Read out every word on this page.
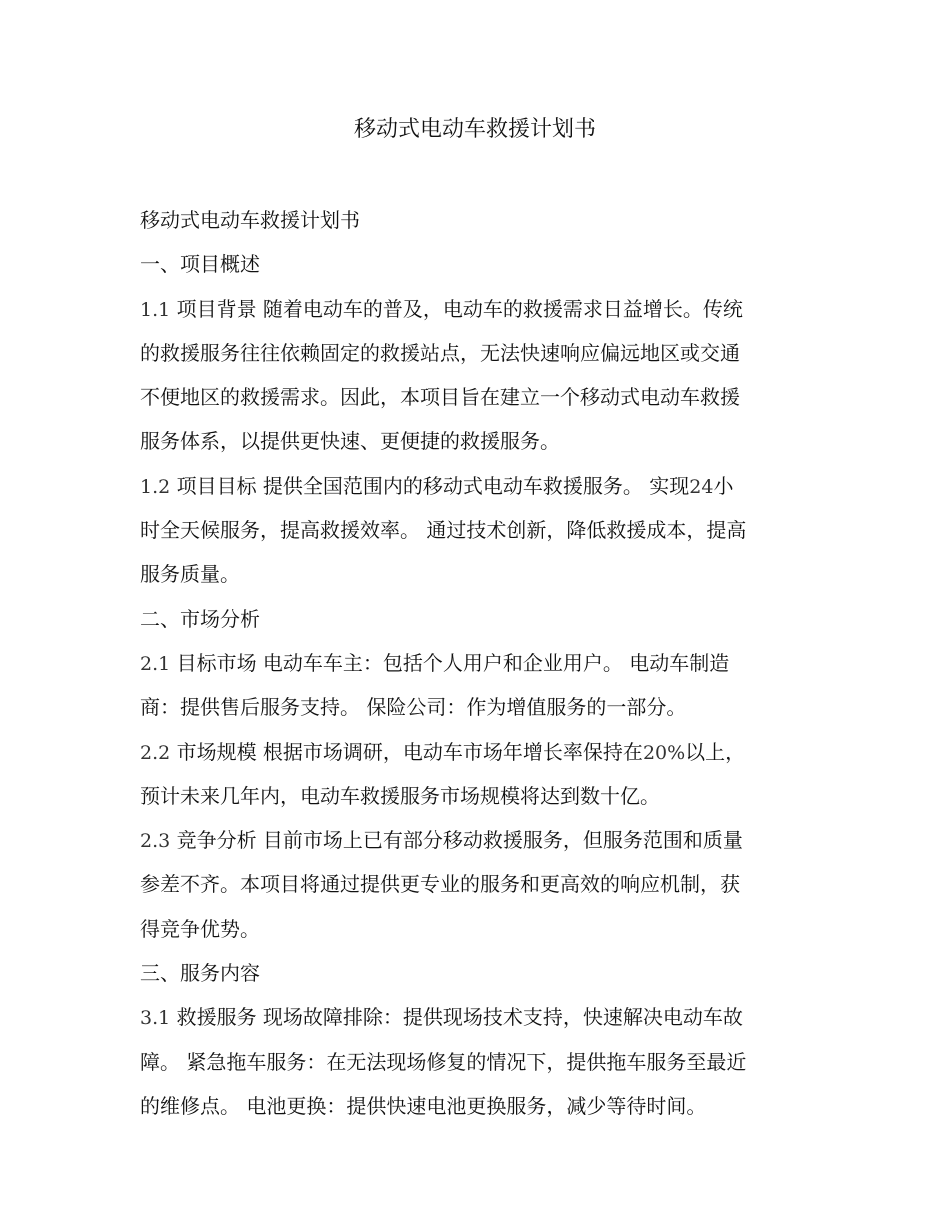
移动式电动车救援计划书
移动式电动车救援计划书
一、项目概述
1.1 项目背景 随着电动车的普及，电动车的救援需求日益增长。传统
的救援服务往往依赖固定的救援站点，无法快速响应偏远地区或交通
不便地区的救援需求。因此，本项目旨在建立一个移动式电动车救援
服务体系，以提供更快速、更便捷的救援服务。
1.2 项目目标 提供全国范围内的移动式电动车救援服务。 实现24小
时全天候服务，提高救援效率。 通过技术创新，降低救援成本，提高
服务质量。
二、市场分析
2.1 目标市场 电动车车主：包括个人用户和企业用户。 电动车制造
商：提供售后服务支持。 保险公司：作为增值服务的一部分。
2.2 市场规模 根据市场调研，电动车市场年增长率保持在20%以上，
预计未来几年内，电动车救援服务市场规模将达到数十亿。
2.3 竞争分析 目前市场上已有部分移动救援服务，但服务范围和质量
参差不齐。本项目将通过提供更专业的服务和更高效的响应机制，获
得竞争优势。
三、服务内容
3.1 救援服务 现场故障排除：提供现场技术支持，快速解决电动车故
障。 紧急拖车服务：在无法现场修复的情况下，提供拖车服务至最近
的维修点。 电池更换：提供快速电池更换服务，减少等待时间。
